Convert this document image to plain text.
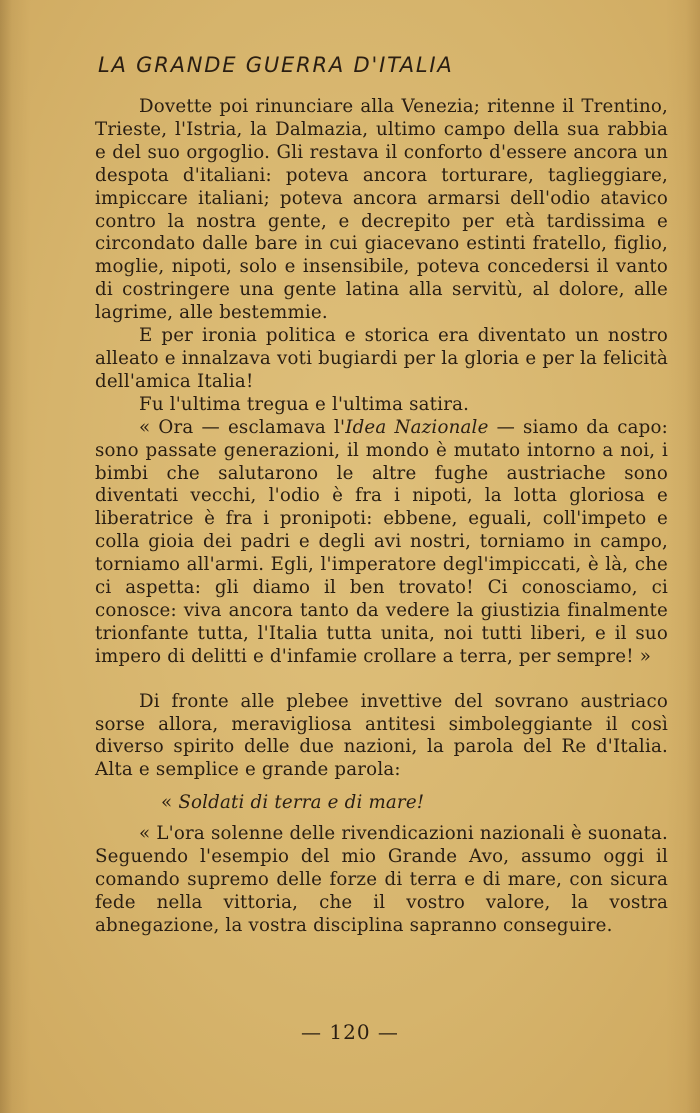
LA GRANDE GUERRA D'ITALIA

Dovette poi rinunciare alla Venezia; ritenne il Trentino, Trieste, l'Istria, la Dalmazia, ultimo campo della sua rabbia e del suo orgoglio. Gli restava il conforto d'essere ancora un despota d'italiani: poteva ancora torturare, taglieggiare, impiccare italiani; poteva ancora armarsi dell'odio atavico contro la nostra gente, e decrepito per età tardissima e circondato dalle bare in cui giacevano estinti fratello, figlio, moglie, nipoti, solo e insensibile, poteva concedersi il vanto di costringere una gente latina alla servitù, al dolore, alle lagrime, alle bestemmie.

E per ironia politica e storica era diventato un nostro alleato e innalzava voti bugiardi per la gloria e per la felicità dell'amica Italia!

Fu l'ultima tregua e l'ultima satira.

« Ora — esclamava l'Idea Nazionale — siamo da capo: sono passate generazioni, il mondo è mutato intorno a noi, i bimbi che salutarono le altre fughe austriache sono diventati vecchi, l'odio è fra i nipoti, la lotta gloriosa e liberatrice è fra i pronipoti: ebbene, eguali, coll'impeto e colla gioia dei padri e degli avi nostri, torniamo in campo, torniamo all'armi. Egli, l'imperatore degl'impiccati, è là, che ci aspetta: gli diamo il ben trovato! Ci conosciamo, ci conosce: viva ancora tanto da vedere la giustizia finalmente trionfante tutta, l'Italia tutta unita, noi tutti liberi, e il suo impero di delitti e d'infamie crollare a terra, per sempre! »

Di fronte alle plebee invettive del sovrano austriaco sorse allora, meravigliosa antitesi simboleggiante il così diverso spirito delle due nazioni, la parola del Re d'Italia. Alta e semplice e grande parola:

« Soldati di terra e di mare!

« L'ora solenne delle rivendicazioni nazionali è suonata. Seguendo l'esempio del mio Grande Avo, assumo oggi il comando supremo delle forze di terra e di mare, con sicura fede nella vittoria, che il vostro valore, la vostra abnegazione, la vostra disciplina sapranno conseguire.

— 120 —
